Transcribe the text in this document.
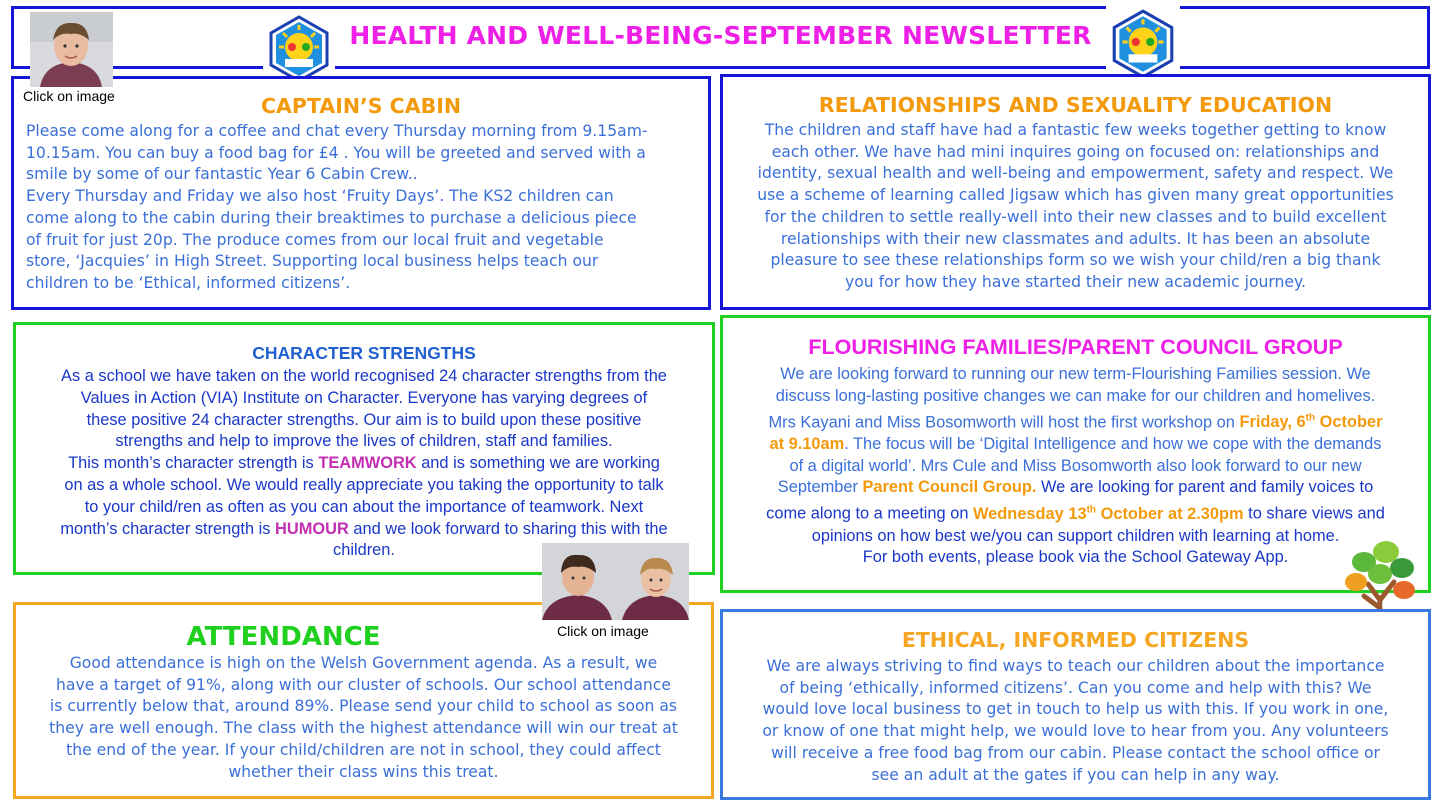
HEALTH AND WELL-BEING-SEPTEMBER NEWSLETTER
CAPTAIN’S CABIN

Please come along for a coffee and chat every Thursday morning from 9.15am-

10.15am. You can buy a food bag for £4 . You will be greeted and served with a

smile by some of our fantastic Year 6 Cabin Crew..

Every Thursday and Friday we also host ‘Fruity Days’. The KS2 children can

come along to the cabin during their breaktimes to purchase a delicious piece

of fruit for just 20p. The produce comes from our local fruit and vegetable

store, ‘Jacquies’ in High Street. Supporting local business helps teach our

children to be ‘Ethical, informed citizens’.

Click on image	RELATIONSHIPS AND SEXUALITY EDUCATION

The children and staff have had a fantastic few weeks together getting to know

each other. We have had mini inquires going on focused on: relationships and

identity, sexual health and well-being and empowerment, safety and respect. We

use a scheme of learning called Jigsaw which has given many great opportunities

for the children to settle really-well into their new classes and to build excellent

relationships with their new classmates and adults. It has been an absolute

pleasure to see these relationships form so we wish your child/ren a big thank

you for how they have started their new academic journey.

CHARACTER STRENGTHS

As a school we have taken on the world recognised 24 character strengths from the

Values in Action (VIA) Institute on Character. Everyone has varying degrees of

these positive 24 character strengths. Our aim is to build upon these positive

strengths and help to improve the lives of children, staff and families.

This month’s character strength is TEAMWORK and is something we are working

on as a whole school. We would really appreciate you taking the opportunity to talk

to your child/ren as often as you can about the importance of teamwork. Next

month’s character strength is HUMOUR and we look forward to sharing this with the

children.

FLOURISHING FAMILIES/PARENT COUNCIL GROUP

We are looking forward to running our new term-Flourishing Families session. We

discuss long-lasting positive changes we can make for our children and homelives.

Mrs Kayani and Miss Bosomworth will host the first workshop on Friday, 6th October

at 9.10am. The focus will be ‘Digital Intelligence and how we cope with the demands

of a digital world’. Mrs Cule and Miss Bosomworth also look forward to our new

September Parent Council Group. We are looking for parent and family voices to

come along to a meeting on Wednesday 13th October at 2.30pm to share views and

opinions on how best we/you can support children with learning at home.

For both events, please book via the School Gateway App.

ATTENDANCE

Good attendance is high on the Welsh Government agenda. As a result, we

have a target of 91%, along with our cluster of schools. Our school attendance

is currently below that, around 89%. Please send your child to school as soon as

they are well enough. The class with the highest attendance will win our treat at

the end of the year. If your child/children are not in school, they could affect

whether their class wins this treat.

Click on image	ETHICAL, INFORMED CITIZENS

We are always striving to find ways to teach our children about the importance

of being ‘ethically, informed citizens’. Can you come and help with this? We

would love local business to get in touch to help us with this. If you work in one,

or know of one that might help, we would love to hear from you. Any volunteers

will receive a free food bag from our cabin. Please contact the school office or

see an adult at the gates if you can help in any way.
